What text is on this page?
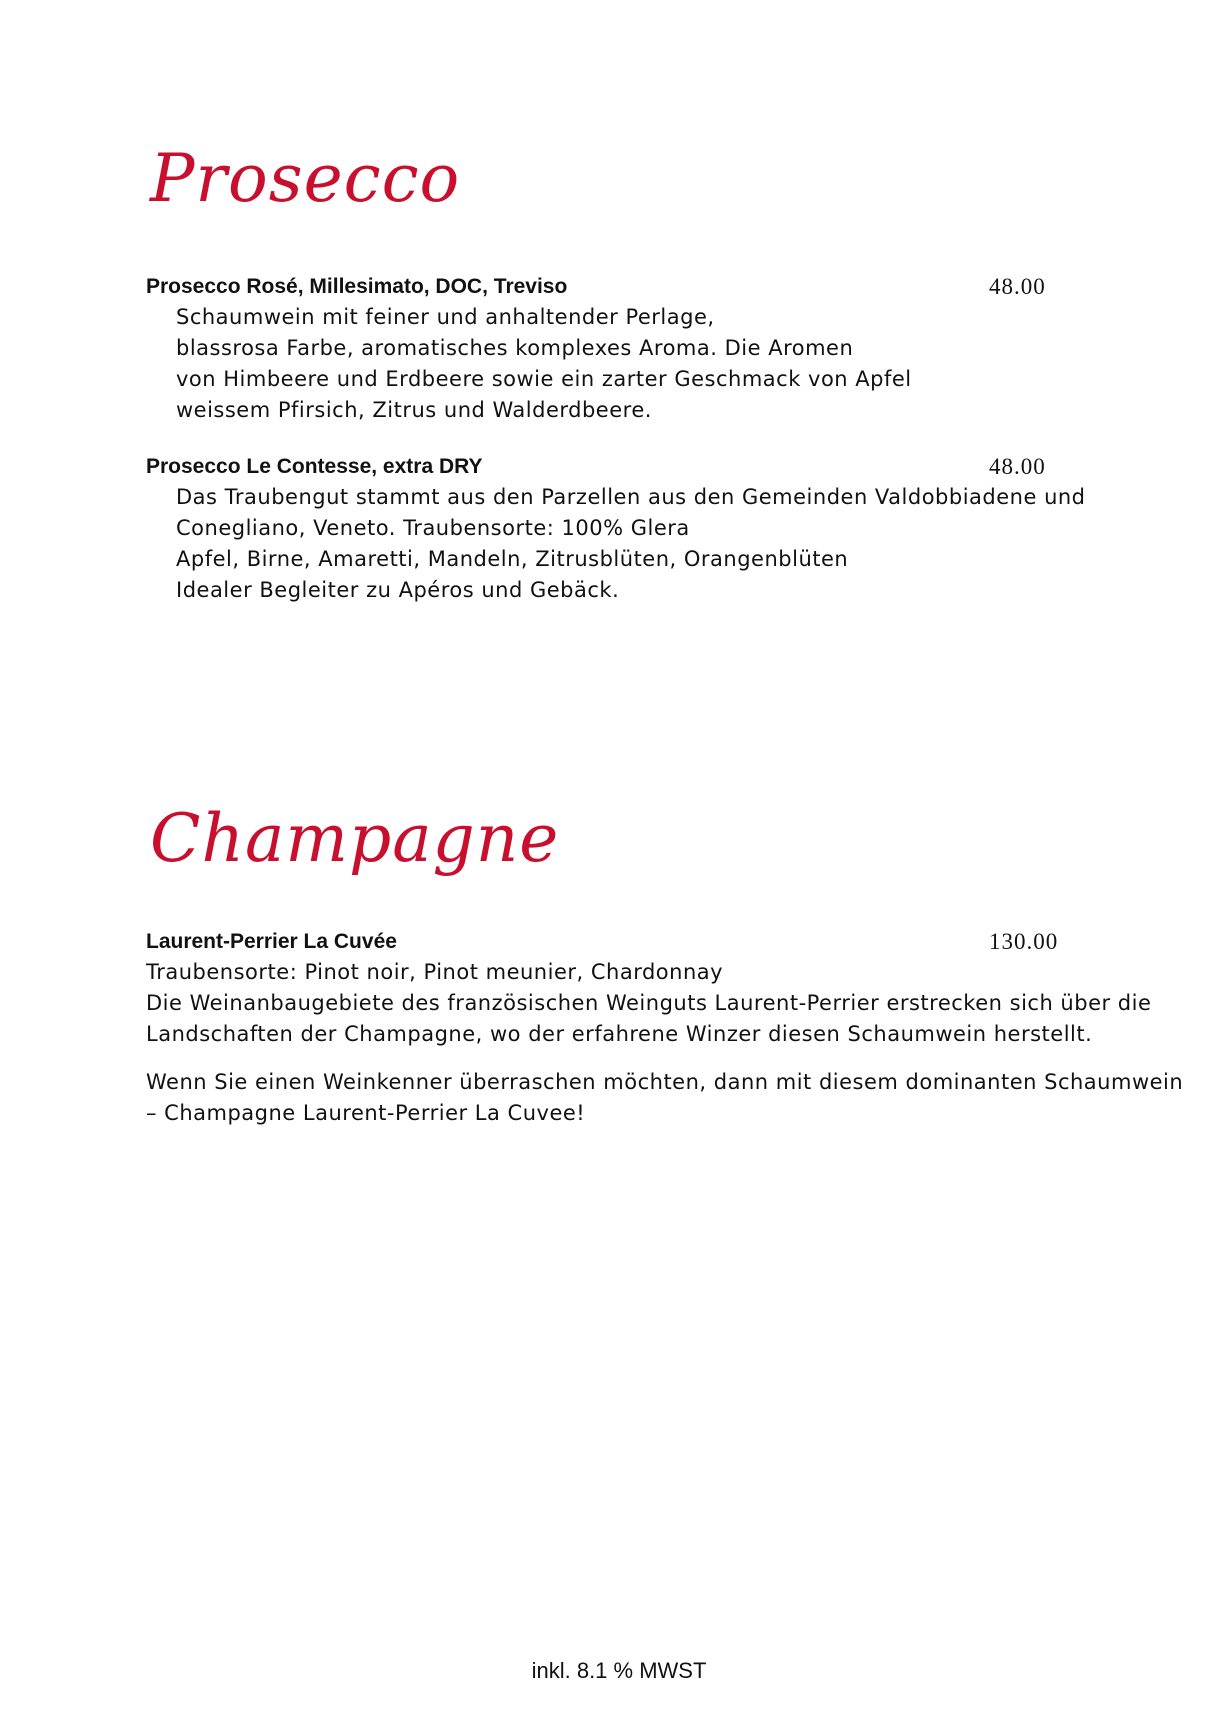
Prosecco
Prosecco Rosé, Millesimato, DOC, Treviso	48.00
Schaumwein mit feiner und anhaltender Perlage,
blassrosa Farbe, aromatisches komplexes Aroma. Die Aromen
von Himbeere und Erdbeere sowie ein zarter Geschmack von Apfel
weissem Pfirsich, Zitrus und Walderdbeere.
Prosecco Le Contesse, extra DRY	48.00
Das Traubengut stammt aus den Parzellen aus den Gemeinden Valdobbiadene und
Conegliano, Veneto. Traubensorte: 100% Glera
Apfel, Birne, Amaretti, Mandeln, Zitrusblüten, Orangenblüten
Idealer Begleiter zu Apéros und Gebäck.
Champagne
Laurent-Perrier La Cuvée	130.00
Traubensorte: Pinot noir, Pinot meunier, Chardonnay
Die Weinanbaugebiete des französischen Weinguts Laurent-Perrier erstrecken sich über die
Landschaften der Champagne, wo der erfahrene Winzer diesen Schaumwein herstellt.
Wenn Sie einen Weinkenner überraschen möchten, dann mit diesem dominanten Schaumwein
– Champagne Laurent-Perrier La Cuvee!
inkl. 8.1 % MWST
